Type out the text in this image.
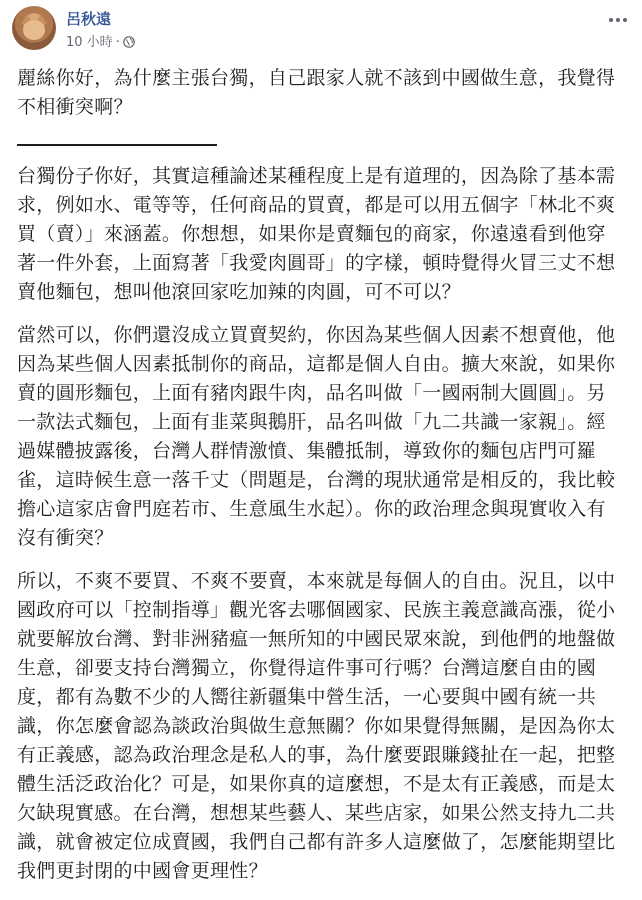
呂秋遠
10 小時 ·

麗絲你好，為什麼主張台獨，自己跟家人就不該到中國做生意，我覺得不相衝突啊？

台獨份子你好，其實這種論述某種程度上是有道理的，因為除了基本需求，例如水、電等等，任何商品的買賣，都是可以用五個字「林北不爽買（賣）」來涵蓋。你想想，如果你是賣麵包的商家，你遠遠看到他穿著一件外套，上面寫著「我愛肉圓哥」的字樣，頓時覺得火冒三丈不想賣他麵包，想叫他滾回家吃加辣的肉圓，可不可以？

當然可以，你們還沒成立買賣契約，你因為某些個人因素不想賣他，他因為某些個人因素抵制你的商品，這都是個人自由。擴大來說，如果你賣的圓形麵包，上面有豬肉跟牛肉，品名叫做「一國兩制大圓圓」。另一款法式麵包，上面有韭菜與鵝肝，品名叫做「九二共識一家親」。經過媒體披露後，台灣人群情激憤、集體抵制，導致你的麵包店門可羅雀，這時候生意一落千丈（問題是，台灣的現狀通常是相反的，我比較擔心這家店會門庭若市、生意風生水起）。你的政治理念與現實收入有沒有衝突？

所以，不爽不要買、不爽不要賣，本來就是每個人的自由。況且，以中國政府可以「控制指導」觀光客去哪個國家、民族主義意識高漲，從小就要解放台灣、對非洲豬瘟一無所知的中國民眾來說，到他們的地盤做生意，卻要支持台灣獨立，你覺得這件事可行嗎？台灣這麼自由的國度，都有為數不少的人嚮往新疆集中營生活，一心要與中國有統一共識，你怎麼會認為談政治與做生意無關？你如果覺得無關，是因為你太有正義感，認為政治理念是私人的事，為什麼要跟賺錢扯在一起，把整體生活泛政治化？可是，如果你真的這麼想，不是太有正義感，而是太欠缺現實感。在台灣，想想某些藝人、某些店家，如果公然支持九二共識，就會被定位成賣國，我們自己都有許多人這麼做了，怎麼能期望比我們更封閉的中國會更理性？
